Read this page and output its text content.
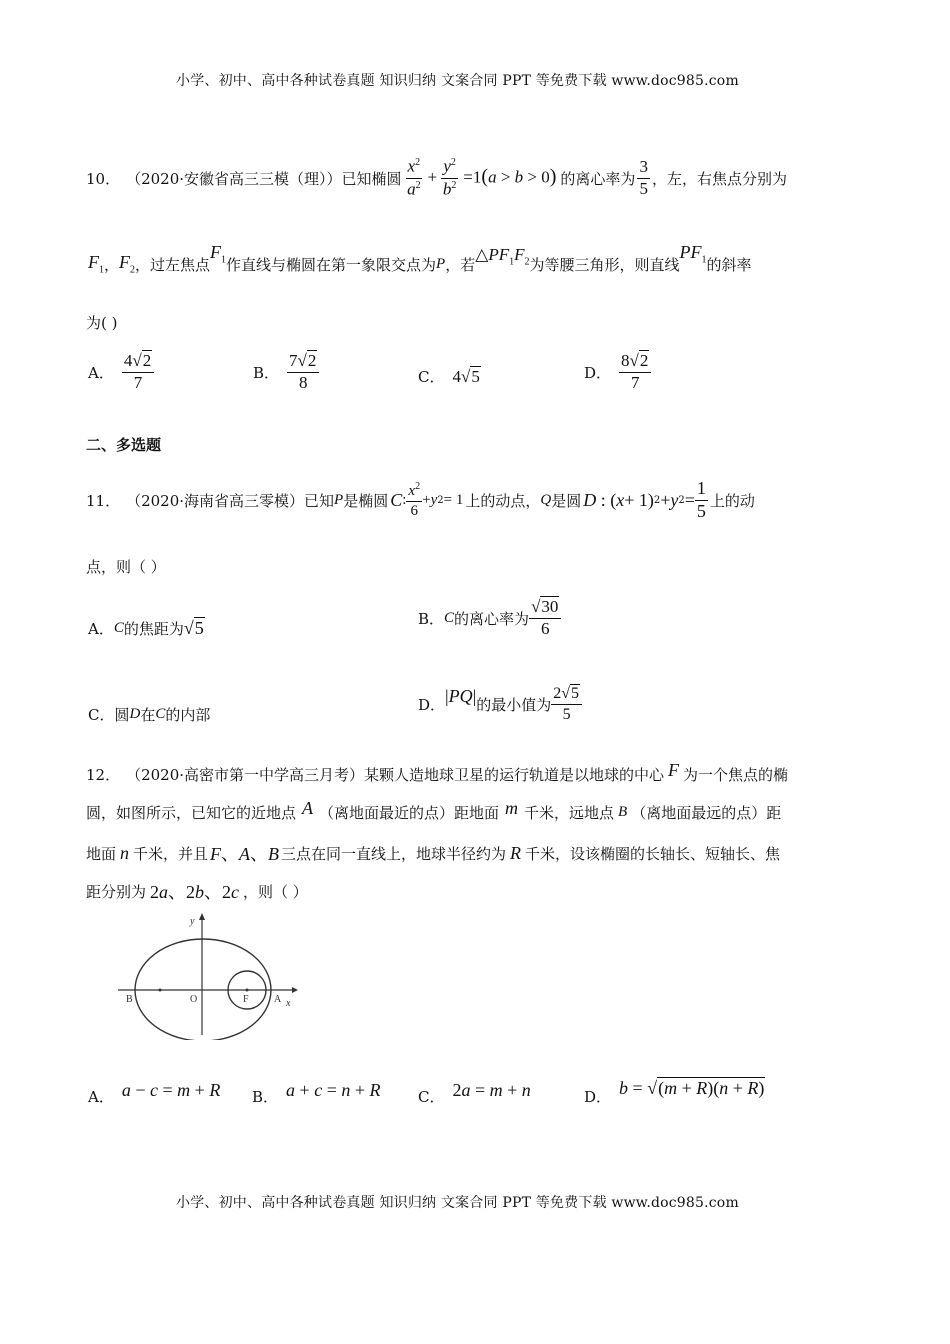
小学、初中、高中各种试卷真题 知识归纳 文案合同 PPT 等免费下载 www.doc985.com
10． （2020·安徽省高三三模（理））已知椭圆 $\frac{x^2}{a^2} + \frac{y^2}{b^2} =1(a > b > 0)$ 的离心率为 $\frac{3}{5}$ ，左，右焦点分别为
$F_1$ ， $F_2$ ，过左焦点
$F_1$ 作直线与椭圆在第一象限交点为 P ，若
$\triangle PF_1F_2$ 为等腰三角形，则直线
$PF_1$ 的斜率
为( )
A． $\frac{4√2}{7}$	B． $\frac{7√2}{8}$	C． 4√5	D． $\frac{8√2}{7}$
二、多选题
11． （2020·海南省高三零模）已知 P 是椭圆 C : $\frac{x^2}{6} + y$ 2 = 1 上的动点， Q 是圆 D : ( x + 1) 2 + y $2 = \frac{1}{5}$ 上的动
点，则（ ）
A． C 的焦距为 √5	B． C 的离心率为 $\frac{√30}{6}$
C．圆 D 在 C 的内部
D． |PQ| 的最小值为 $\frac{2√5}{5}$
12． （2020·高密市第一中学高三月考）某颗人造地球卫星的运行轨道是以地球的中心 F 为一个焦点的椭
圆，如图所示，已知它的近地点 A （离地面最近的点）距地面 m 千米，远地点 B （离地面最远的点）距
地面 n 千米，并且 F、A、B 三点在同一直线上，地球半径约为 R 千米，设该椭圈的长轴长、短轴长、焦
距分别为 2a、2b、2c ，则（ ）
y
x
O
B	F	A
A． a − c = m + R B． a + c = n + R	C． 2a = m + n	D． b = √(m + R)(n + R)
小学、初中、高中各种试卷真题 知识归纳 文案合同 PPT 等免费下载 www.doc985.com
